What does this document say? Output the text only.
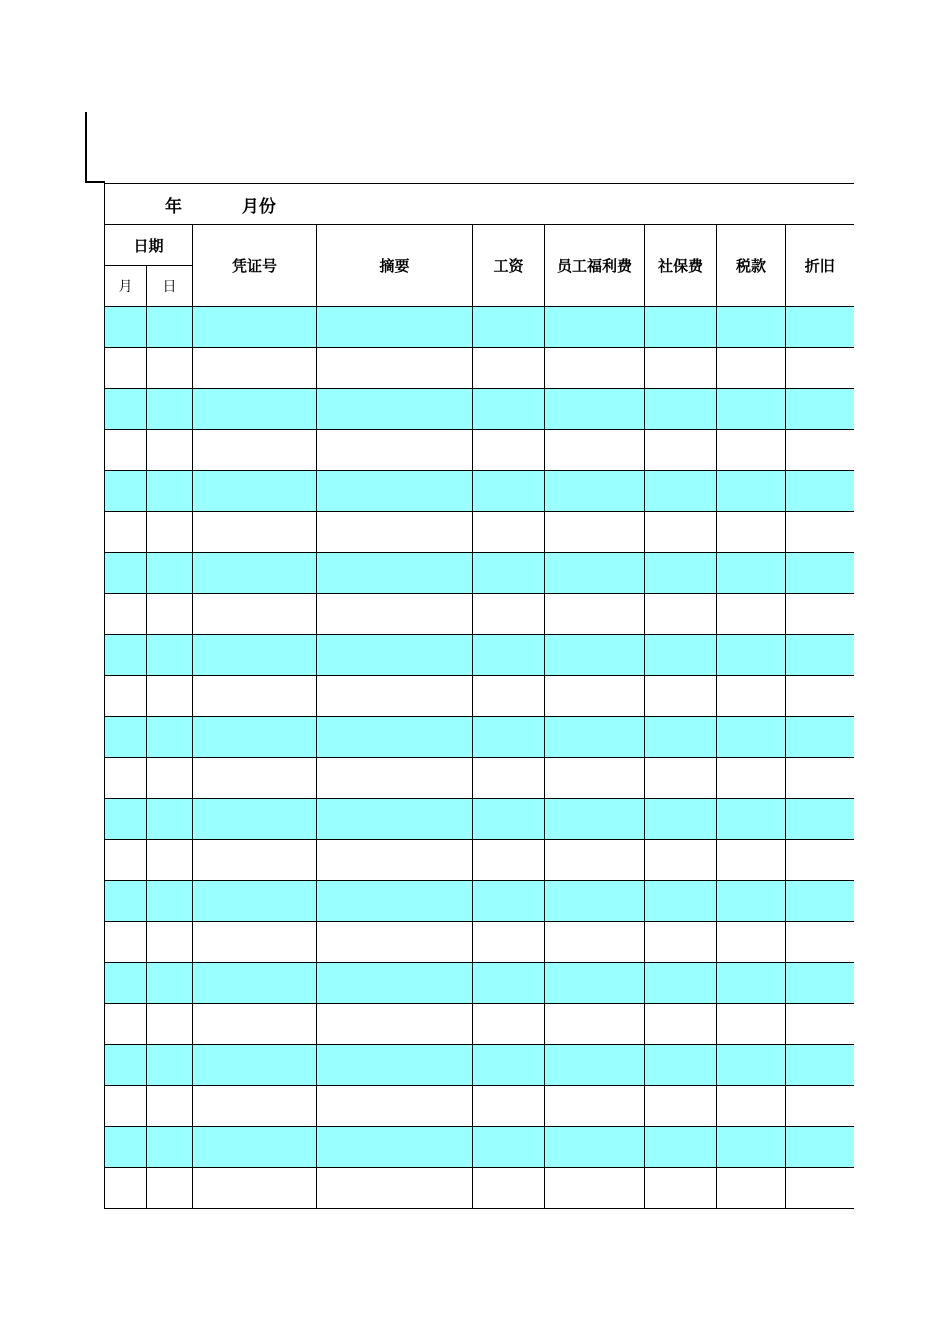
年 月份								
日期		凭证号	摘要	工资	员工福利费	社保费	税款	折旧
月	日							
